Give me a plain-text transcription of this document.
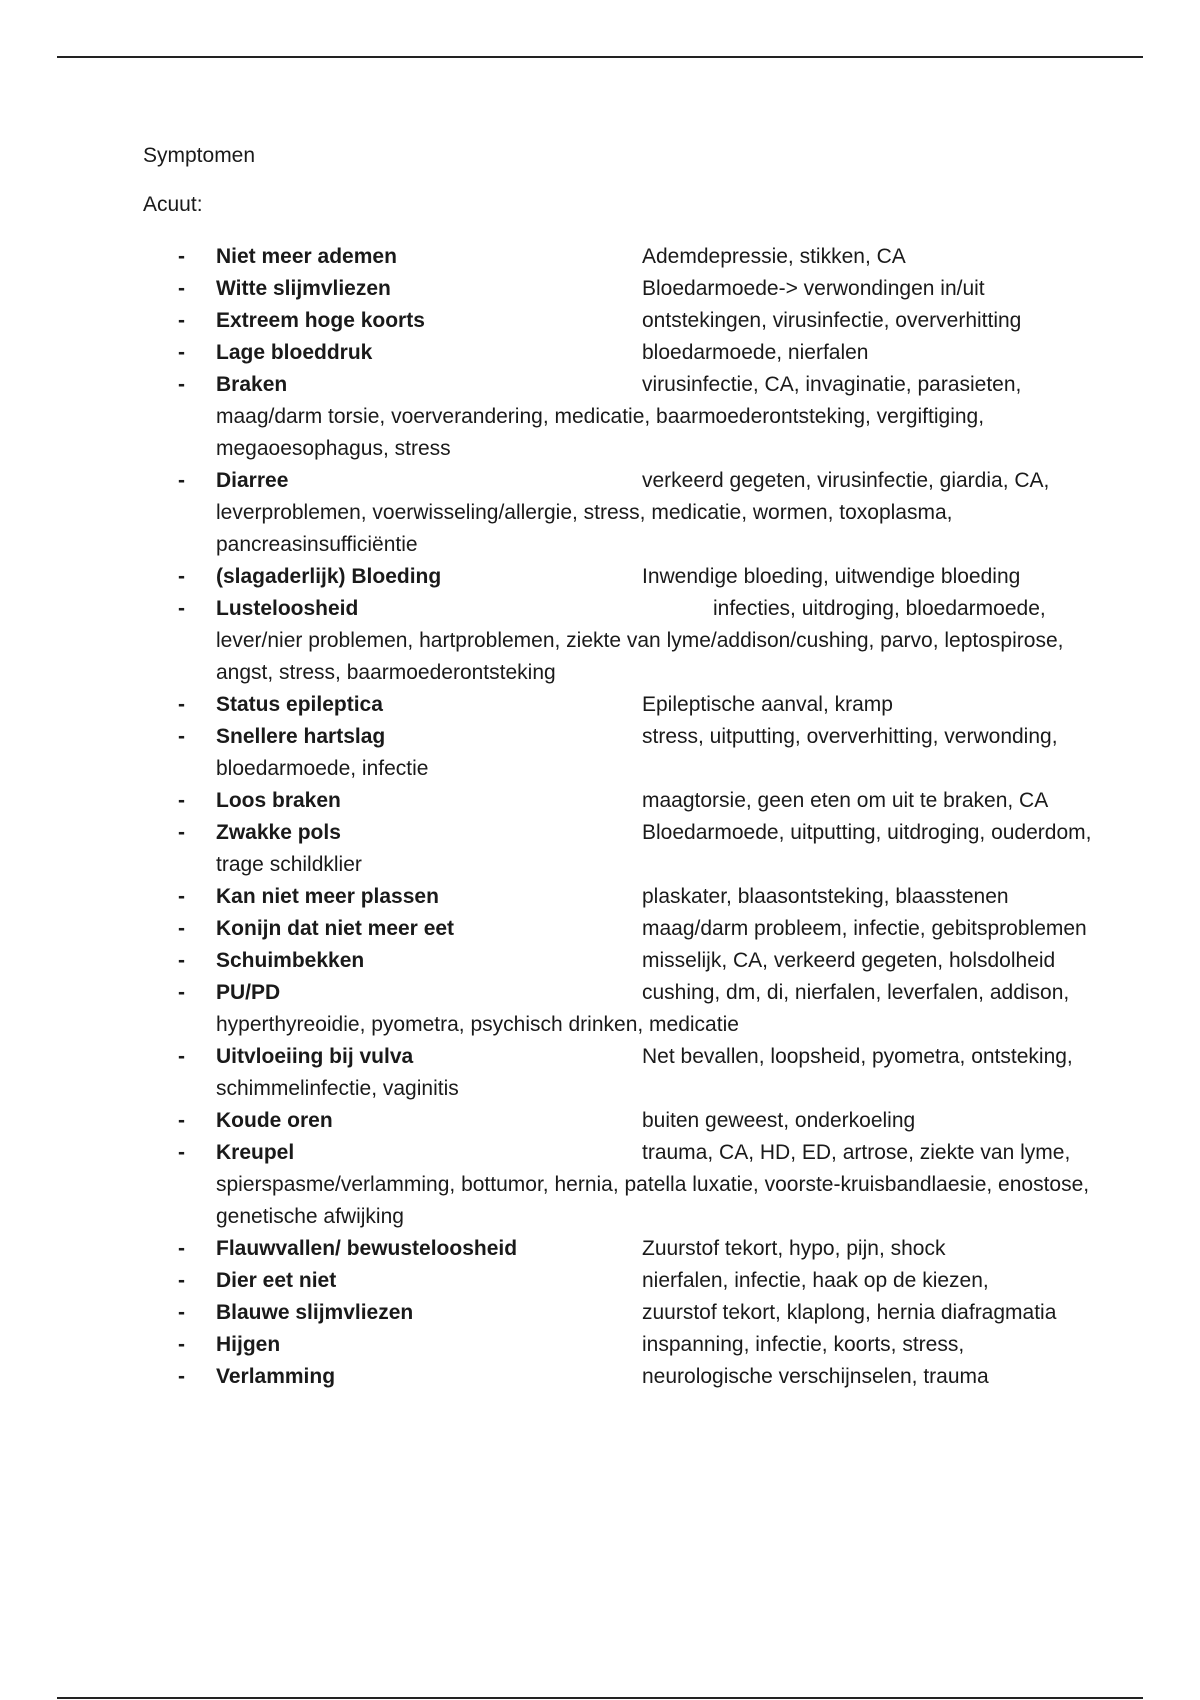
Symptomen
Acuut:
- Niet meer ademen	Ademdepressie, stikken, CA
- Witte slijmvliezen	Bloedarmoede-> verwondingen in/uit
- Extreem hoge koorts	ontstekingen, virusinfectie, oververhitting
- Lage bloeddruk	bloedarmoede, nierfalen
- Braken	virusinfectie, CA, invaginatie, parasieten, maag/darm torsie, voerverandering, medicatie, baarmoederontsteking, vergiftiging, megaoesophagus, stress
- Diarree	verkeerd gegeten, virusinfectie, giardia, CA, leverproblemen, voerwisseling/allergie, stress, medicatie, wormen, toxoplasma, pancreasinsufficiëntie
- (slagaderlijk) Bloeding	Inwendige bloeding, uitwendige bloeding
- Lusteloosheid	infecties, uitdroging, bloedarmoede, lever/nier problemen, hartproblemen, ziekte van lyme/addison/cushing, parvo, leptospirose, angst, stress, baarmoederontsteking
- Status epileptica	Epileptische aanval, kramp
- Snellere hartslag	stress, uitputting, oververhitting, verwonding, bloedarmoede, infectie
- Loos braken	maagtorsie, geen eten om uit te braken, CA
- Zwakke pols	Bloedarmoede, uitputting, uitdroging, ouderdom, trage schildklier
- Kan niet meer plassen	plaskater, blaasontsteking, blaasstenen
- Konijn dat niet meer eet	maag/darm probleem, infectie, gebitsproblemen
- Schuimbekken	misselijk, CA, verkeerd gegeten, holsdolheid
- PU/PD	cushing, dm, di, nierfalen, leverfalen, addison, hyperthyreoidie, pyometra, psychisch drinken, medicatie
- Uitvloeiing bij vulva	Net bevallen, loopsheid, pyometra, ontsteking, schimmelinfectie, vaginitis
- Koude oren	buiten geweest, onderkoeling
- Kreupel	trauma, CA, HD, ED, artrose, ziekte van lyme, spierspasme/verlamming, bottumor, hernia, patella luxatie, voorste-kruisbandlaesie, enostose, genetische afwijking
- Flauwvallen/ bewusteloosheid	Zuurstof tekort, hypo, pijn, shock
- Dier eet niet	nierfalen, infectie, haak op de kiezen,
- Blauwe slijmvliezen	zuurstof tekort, klaplong, hernia diafragmatia
- Hijgen	inspanning, infectie, koorts, stress,
- Verlamming	neurologische verschijnselen, trauma
